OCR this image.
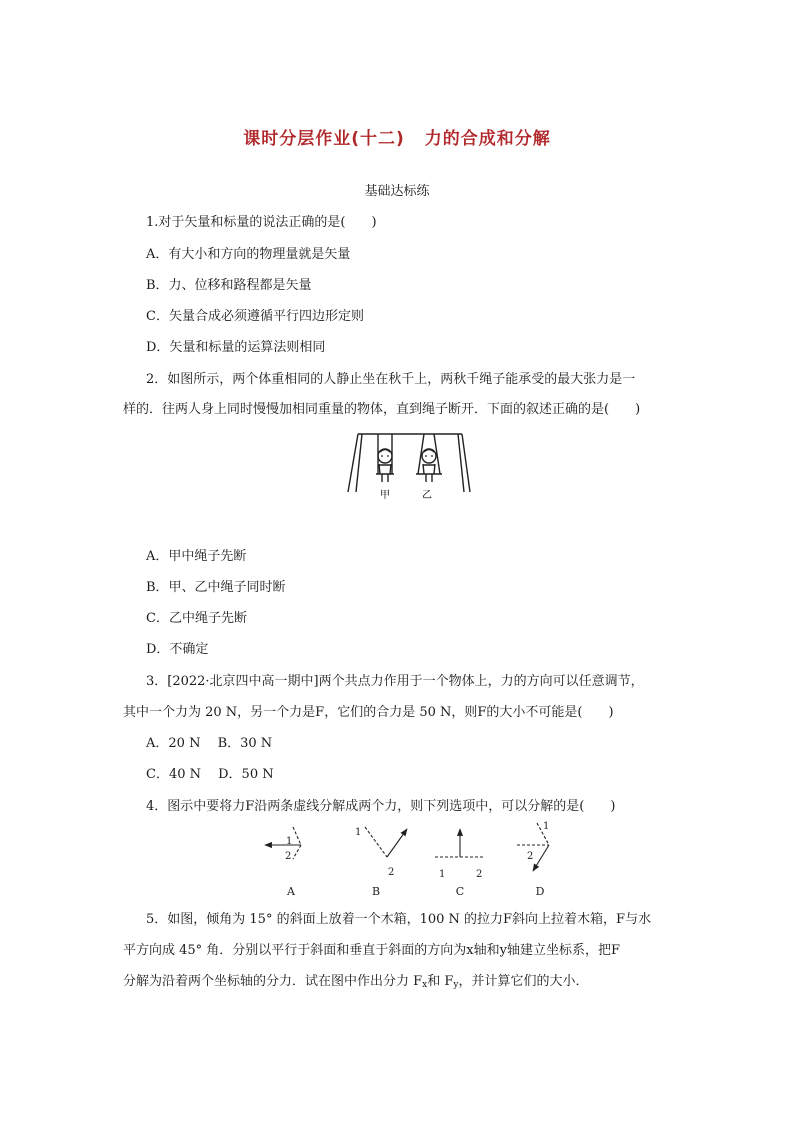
课时分层作业(十二) 力的合成和分解
基础达标练
1.对于矢量和标量的说法正确的是(　　)
A．有大小和方向的物理量就是矢量
B．力、位移和路程都是矢量
C．矢量合成必须遵循平行四边形定则
D．矢量和标量的运算法则相同
2．如图所示，两个体重相同的人静止坐在秋千上，两秋千绳子能承受的最大张力是一
样的．往两人身上同时慢慢加相同重量的物体，直到绳子断开．下面的叙述正确的是(　　)
甲	乙
A．甲中绳子先断
B．甲、乙中绳子同时断
C．乙中绳子先断
D．不确定
3．[2022·北京四中高一期中]两个共点力作用于一个物体上，力的方向可以任意调节，
其中一个力为 20 N，另一个力是F，它们的合力是 50 N，则F的大小不可能是(　　)
A．20 N　 B．30 N
C．40 N　 D．50 N
4．图示中要将力F沿两条虚线分解成两个力，则下列选项中，可以分解的是(　　)
1
2
1
2	1	2
1
2
A	B	C	D
5．如图，倾角为 15° 的斜面上放着一个木箱，100 N 的拉力F斜向上拉着木箱，F与水
平方向成 45° 角．分别以平行于斜面和垂直于斜面的方向为x轴和y轴建立坐标系，把F
分解为沿着两个坐标轴的分力．试在图中作出分力 $F_x$和 $F_y$，并计算它们的大小．
